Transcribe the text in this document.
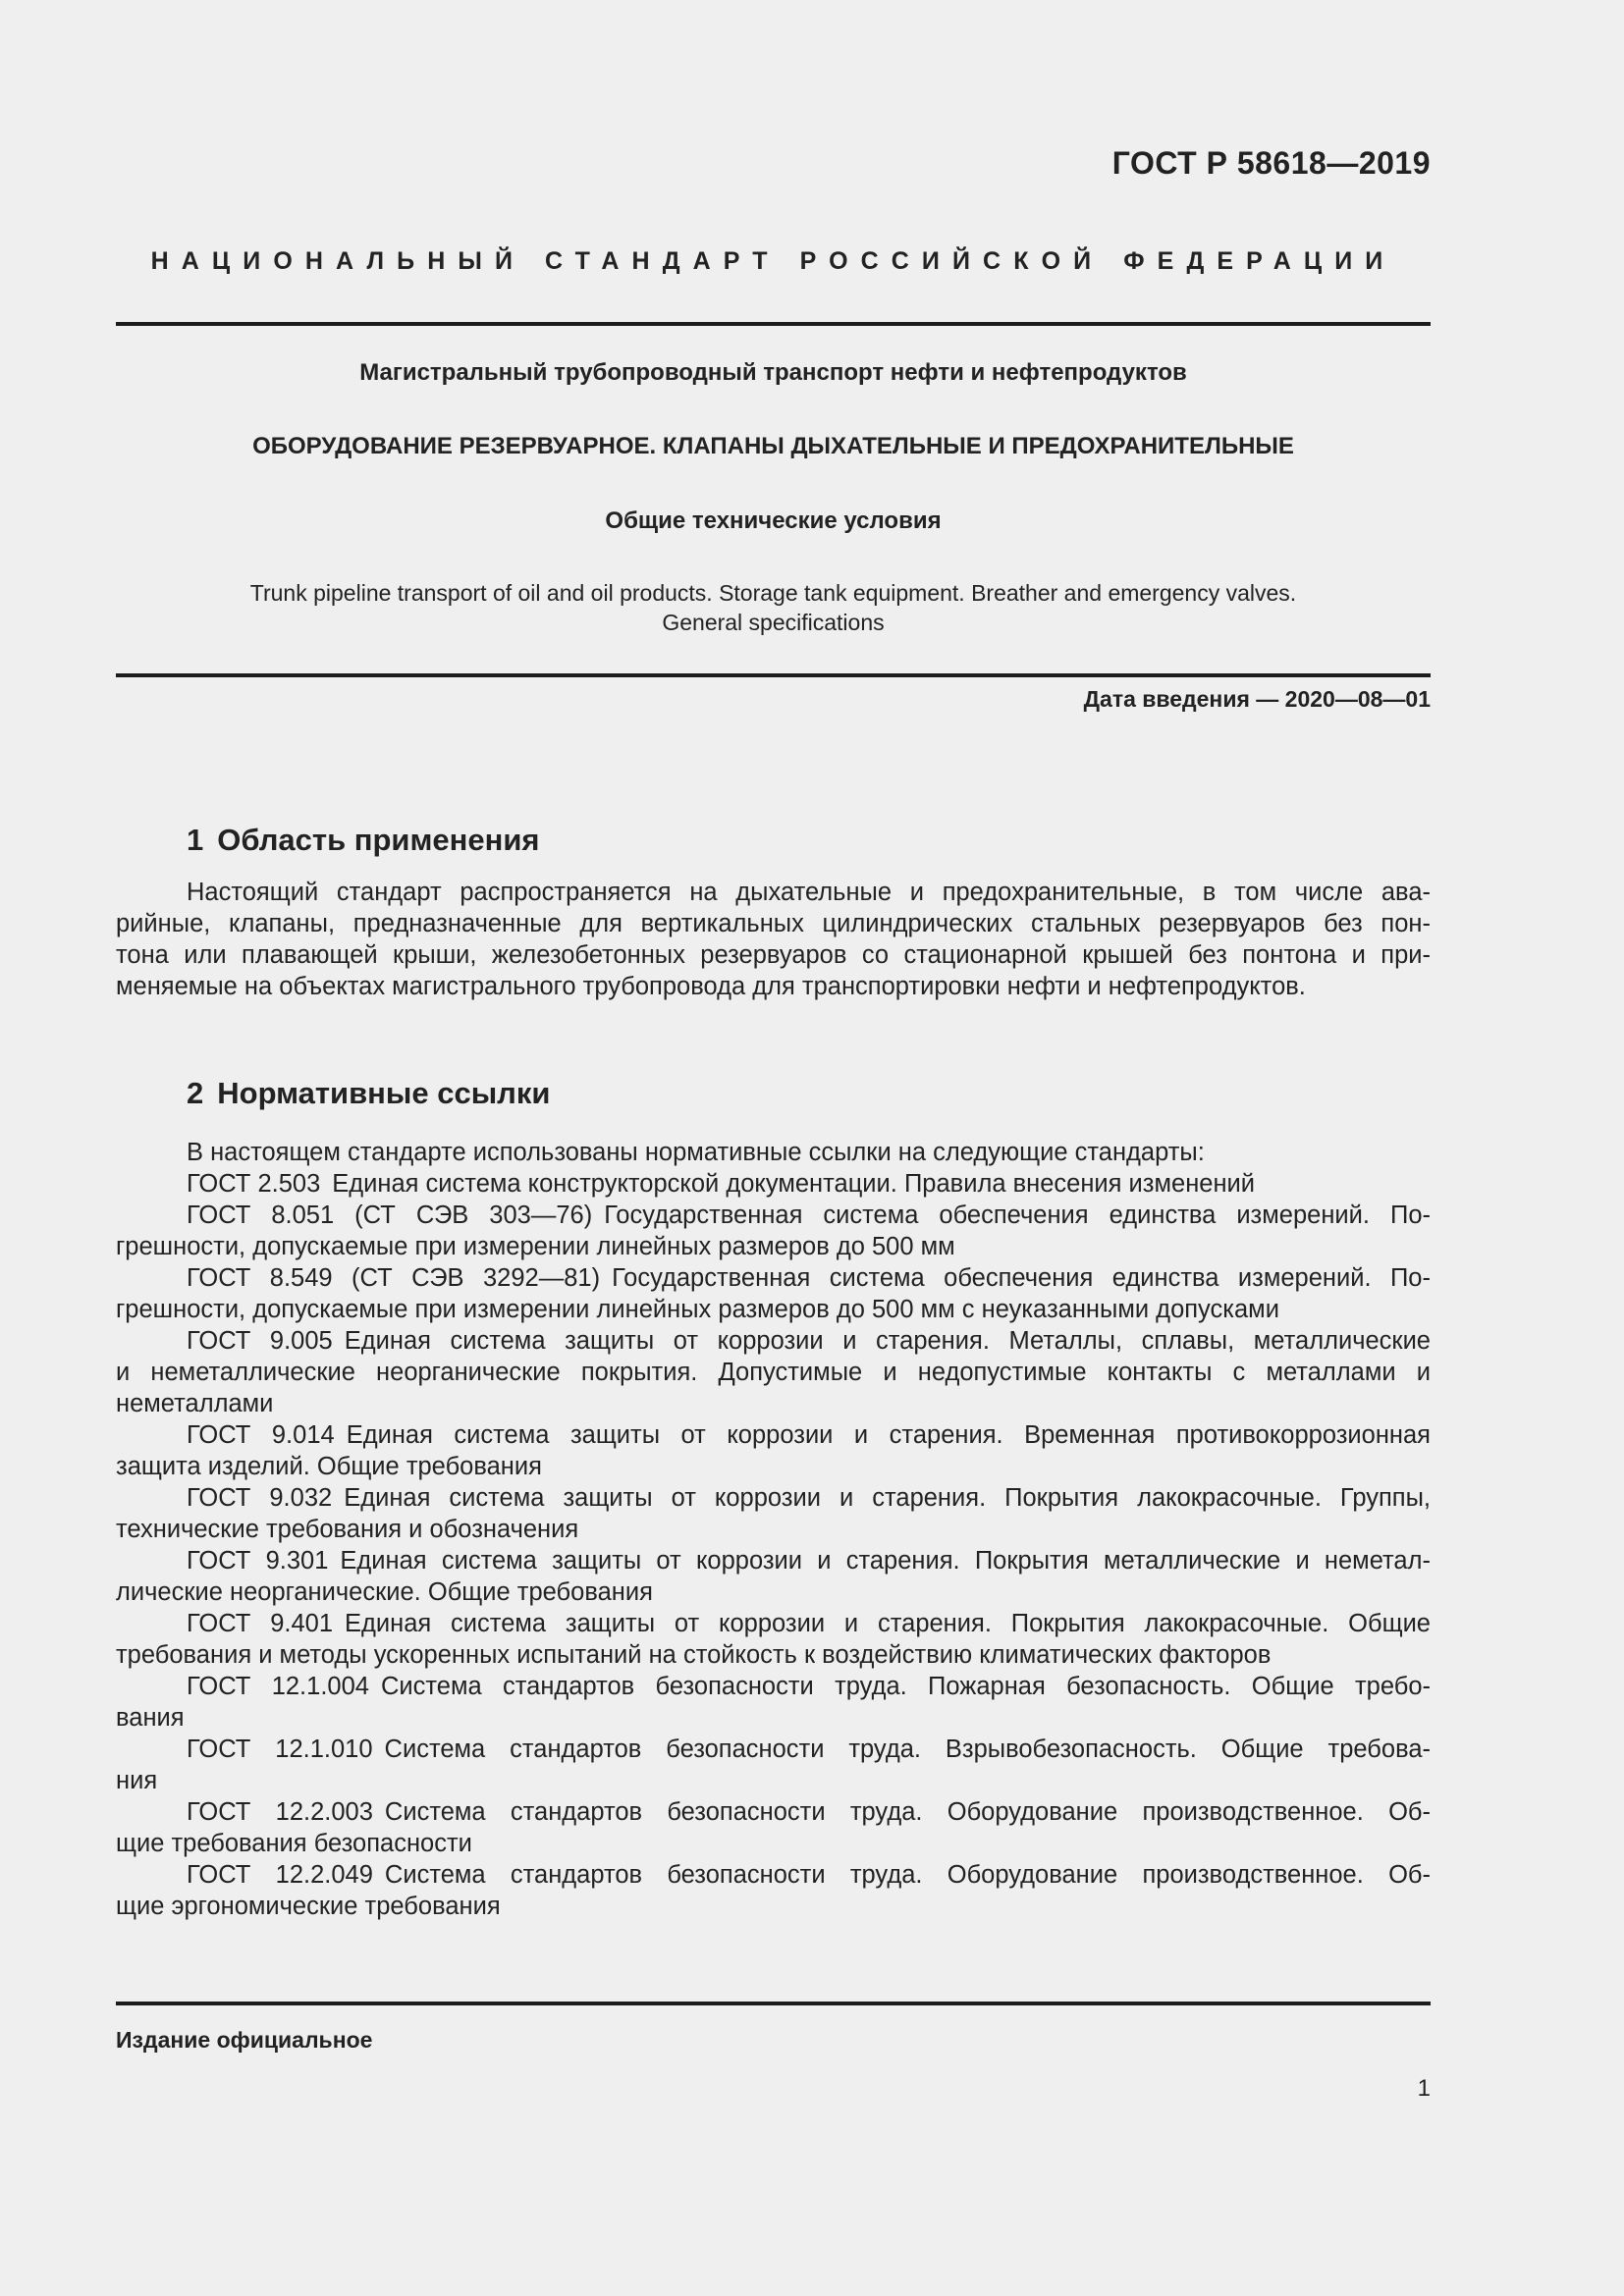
ГОСТ Р 58618—2019
НАЦИОНАЛЬНЫЙ СТАНДАРТ РОССИЙСКОЙ ФЕДЕРАЦИИ
Магистральный трубопроводный транспорт нефти и нефтепродуктов
ОБОРУДОВАНИЕ РЕЗЕРВУАРНОЕ. КЛАПАНЫ ДЫХАТЕЛЬНЫЕ И ПРЕДОХРАНИТЕЛЬНЫЕ
Общие технические условия
Trunk pipeline transport of oil and oil products. Storage tank equipment. Breather and emergency valves.
General specifications
Дата введения — 2020—08—01
1 Область применения
Настоящий стандарт распространяется на дыхательные и предохранительные, в том числе ава-
рийные, клапаны, предназначенные для вертикальных цилиндрических стальных резервуаров без пон-
тона или плавающей крыши, железобетонных резервуаров со стационарной крышей без понтона и при-
меняемые на объектах магистрального трубопровода для транспортировки нефти и нефтепродуктов.
2 Нормативные ссылки
В настоящем стандарте использованы нормативные ссылки на следующие стандарты:
ГОСТ 2.503 Единая система конструкторской документации. Правила внесения изменений
ГОСТ 8.051 (СТ СЭВ 303—76) Государственная система обеспечения единства измерений. По-
грешности, допускаемые при измерении линейных размеров до 500 мм
ГОСТ 8.549 (СТ СЭВ 3292—81) Государственная система обеспечения единства измерений. По-
грешности, допускаемые при измерении линейных размеров до 500 мм с неуказанными допусками
ГОСТ 9.005 Единая система защиты от коррозии и старения. Металлы, сплавы, металлические
и неметаллические неорганические покрытия. Допустимые и недопустимые контакты с металлами и
неметаллами
ГОСТ 9.014 Единая система защиты от коррозии и старения. Временная противокоррозионная
защита изделий. Общие требования
ГОСТ 9.032 Единая система защиты от коррозии и старения. Покрытия лакокрасочные. Группы,
технические требования и обозначения
ГОСТ 9.301 Единая система защиты от коррозии и старения. Покрытия металлические и неметал-
лические неорганические. Общие требования
ГОСТ 9.401 Единая система защиты от коррозии и старения. Покрытия лакокрасочные. Общие
требования и методы ускоренных испытаний на стойкость к воздействию климатических факторов
ГОСТ 12.1.004 Система стандартов безопасности труда. Пожарная безопасность. Общие требо-
вания
ГОСТ 12.1.010 Система стандартов безопасности труда. Взрывобезопасность. Общие требова-
ния
ГОСТ 12.2.003 Система стандартов безопасности труда. Оборудование производственное. Об-
щие требования безопасности
ГОСТ 12.2.049 Система стандартов безопасности труда. Оборудование производственное. Об-
щие эргономические требования
Издание официальное
1
